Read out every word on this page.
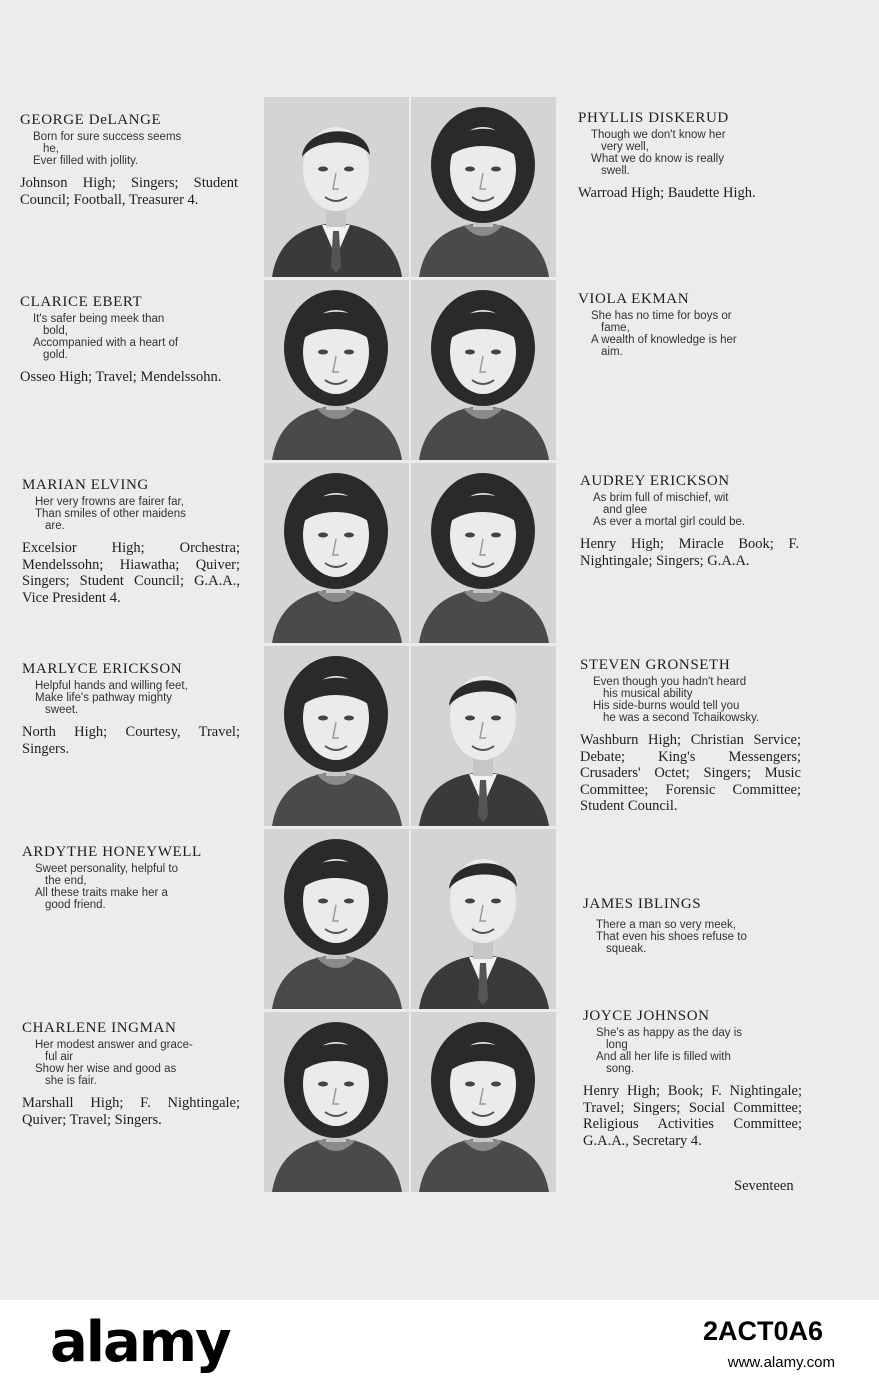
GEORGE DeLANGE
Born for sure success seems
he,
Ever filled with jollity.
Johnson High; Singers; Student Council; Football, Treasurer 4.
CLARICE EBERT
It's safer being meek than
bold,
Accompanied with a heart of
gold.
Osseo High; Travel; Mendelssohn.
MARIAN ELVING
Her very frowns are fairer far,
Than smiles of other maidens
are.
Excelsior High; Orchestra; Mendelssohn; Hiawatha; Quiver; Singers; Student Council; G.A.A., Vice President 4.
MARLYCE ERICKSON
Helpful hands and willing feet,
Make life's pathway mighty
sweet.
North High; Courtesy, Travel; Singers.
ARDYTHE HONEYWELL
Sweet personality, helpful to
the end,
All these traits make her a
good friend.
CHARLENE INGMAN
Her modest answer and grace-
ful air
Show her wise and good as
she is fair.
Marshall High; F. Nightingale; Quiver; Travel; Singers.
PHYLLIS DISKERUD
Though we don't know her
very well,
What we do know is really
swell.
Warroad High; Baudette High.
VIOLA EKMAN
She has no time for boys or
fame,
A wealth of knowledge is her
aim.
AUDREY ERICKSON
As brim full of mischief, wit
and glee
As ever a mortal girl could be.
Henry High; Miracle Book; F. Nightingale; Singers; G.A.A.
STEVEN GRONSETH
Even though you hadn't heard
his musical ability
His side-burns would tell you
he was a second Tchaikowsky.
Washburn High; Christian Service; Debate; King's Messengers; Crusaders' Octet; Singers; Music Committee; Forensic Committee; Student Council.
JAMES IBLINGS
There a man so very meek,
That even his shoes refuse to
squeak.
JOYCE JOHNSON
She's as happy as the day is
long
And all her life is filled with
song.
Henry High; Book; F. Nightingale; Travel; Singers; Social Committee; Religious Activities Committee; G.A.A., Secretary 4.
Seventeen
alamy	2ACT0A6
www.alamy.com
